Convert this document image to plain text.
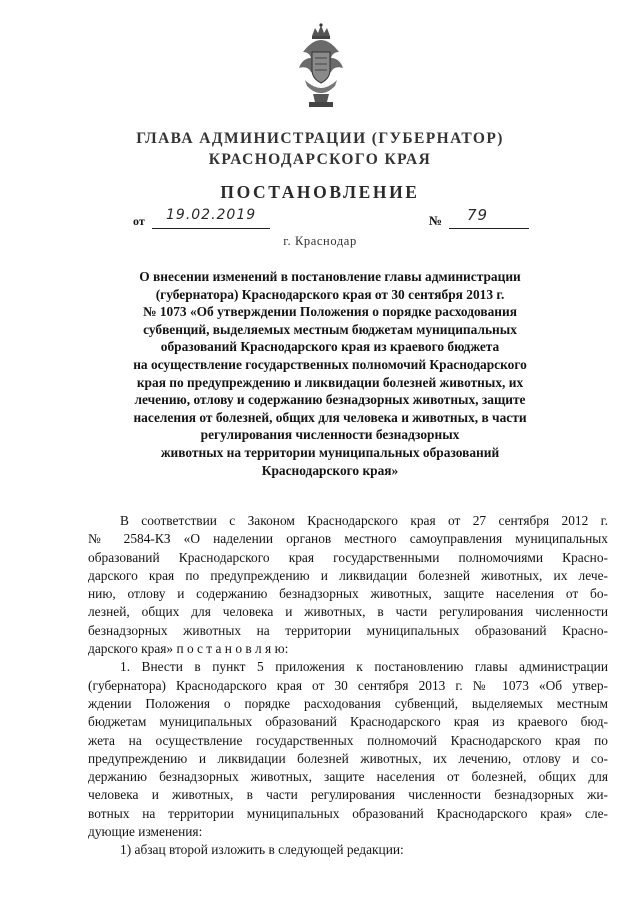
ГЛАВА АДМИНИСТРАЦИИ (ГУБЕРНАТОР)
КРАСНОДАРСКОГО КРАЯ
ПОСТАНОВЛЕНИЕ
от 19.02.2019	№ 79
г. Краснодар
О внесении изменений в постановление главы администрации
(губернатора) Краснодарского края от 30 сентября 2013 г.
№ 1073 «Об утверждении Положения о порядке расходования
субвенций, выделяемых местным бюджетам муниципальных
образований Краснодарского края из краевого бюджета
на осуществление государственных полномочий Краснодарского
края по предупреждению и ликвидации болезней животных, их
лечению, отлову и содержанию безнадзорных животных, защите
населения от болезней, общих для человека и животных, в части
регулирования численности безнадзорных
животных на территории муниципальных образований
Краснодарского края»
В соответствии с Законом Краснодарского края от 27 сентября 2012 г.
№ 2584-КЗ «О наделении органов местного самоуправления муниципальных
образований Краснодарского края государственными полномочиями Красно-
дарского края по предупреждению и ликвидации болезней животных, их лече-
нию, отлову и содержанию безнадзорных животных, защите населения от бо-
лезней, общих для человека и животных, в части регулирования численности
безнадзорных животных на территории муниципальных образований Красно-
дарского края» п о с т а н о в л я ю:
1. Внести в пункт 5 приложения к постановлению главы администрации
(губернатора) Краснодарского края от 30 сентября 2013 г. № 1073 «Об утвер-
ждении Положения о порядке расходования субвенций, выделяемых местным
бюджетам муниципальных образований Краснодарского края из краевого бюд-
жета на осуществление государственных полномочий Краснодарского края по
предупреждению и ликвидации болезней животных, их лечению, отлову и со-
держанию безнадзорных животных, защите населения от болезней, общих для
человека и животных, в части регулирования численности безнадзорных жи-
вотных на территории муниципальных образований Краснодарского края» сле-
дующие изменения:
1) абзац второй изложить в следующей редакции:
